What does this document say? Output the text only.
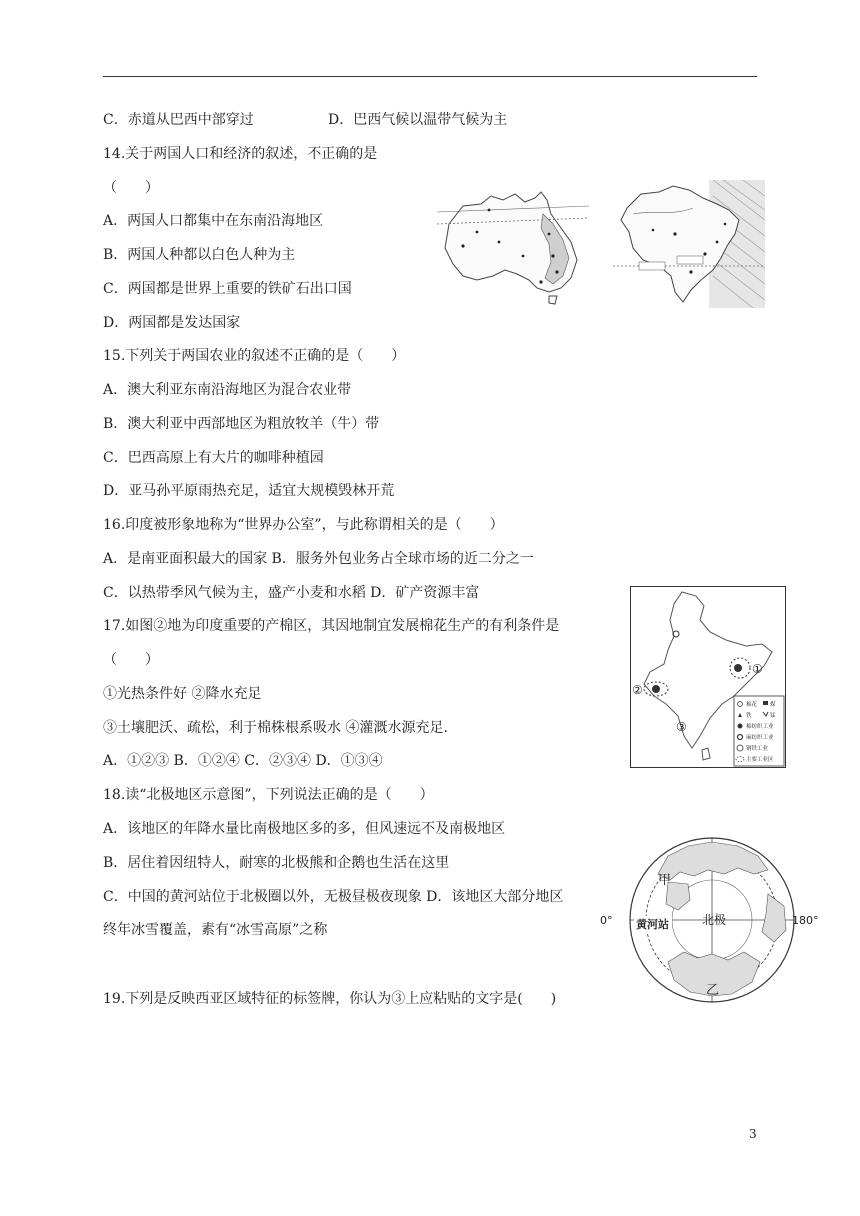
C．赤道从巴西中部穿过	D．巴西气候以温带气候为主
14.关于两国人口和经济的叙述，不正确的是
（　　）
A．两国人口都集中在东南沿海地区
B．两国人种都以白色人种为主
C．两国都是世界上重要的铁矿石出口国
D．两国都是发达国家
15.下列关于两国农业的叙述不正确的是（　　）
A．澳大利亚东南沿海地区为混合农业带
B．澳大利亚中西部地区为粗放牧羊（牛）带
C．巴西高原上有大片的咖啡种植园
D．亚马孙平原雨热充足，适宜大规模毁林开荒
16.印度被形象地称为“世界办公室”，与此称谓相关的是（　　）
A．是南亚面积最大的国家 B．服务外包业务占全球市场的近二分之一
C．以热带季风气候为主，盛产小麦和水稻 D．矿产资源丰富
17.如图②地为印度重要的产棉区，其因地制宜发展棉花生产的有利条件是
（　　）
①光热条件好 ②降水充足
③土壤肥沃、疏松，利于棉株根系吸水 ④灌溉水源充足.
A．①②③ B．①②④ C．②③④ D．①③④
18.读“北极地区示意图”，下列说法正确的是（　　）
A．该地区的年降水量比南极地区多的多，但风速远不及南极地区
B．居住着因纽特人，耐寒的北极熊和企鹅也生活在这里
C．中国的黄河站位于北极圈以外，无极昼极夜现象 D．该地区大部分地区
终年冰雪覆盖，素有“冰雪高原”之称
19.下列是反映西亚区域特征的标签牌，你认为③上应粘贴的文字是(　　)
①
②
③
棉花 煤
铁	锰
棉纺织工业
麻纺织工业
钢铁工业
主要工业区
甲
乙
北极
黄河站
0°	180°
3
